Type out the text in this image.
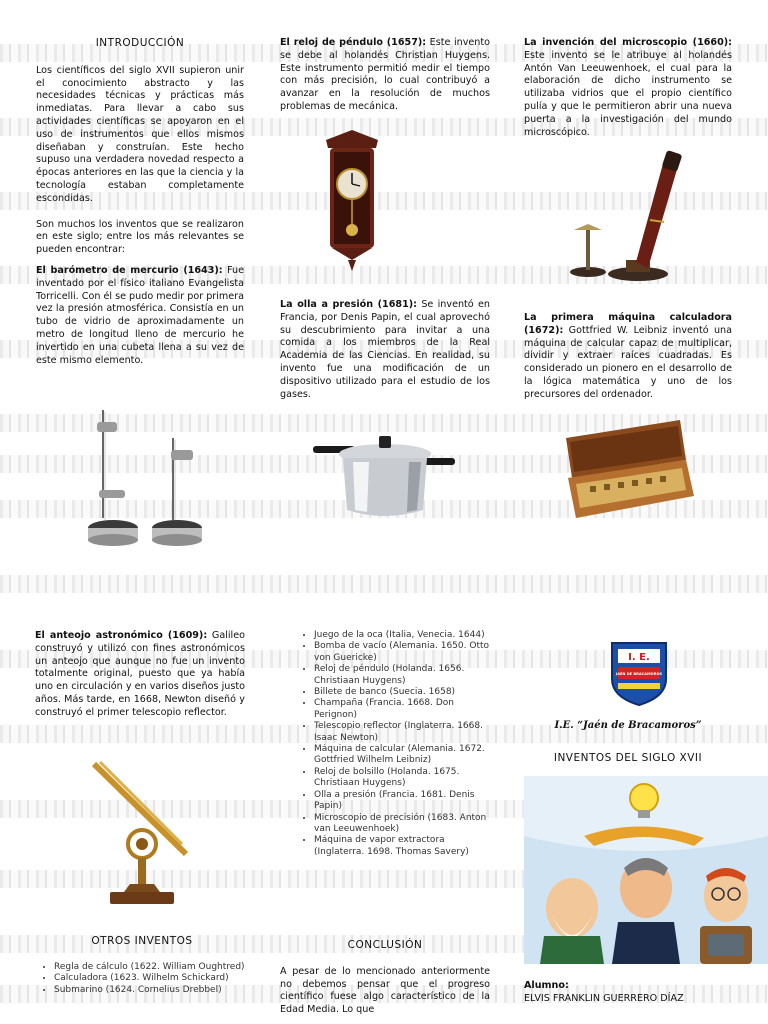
INTRODUCCIÓN

Los científicos del siglo XVII supieron unir el conocimiento abstracto y las necesidades técnicas y prácticas más inmediatas. Para llevar a cabo sus actividades científicas se apoyaron en el uso de instrumentos que ellos mismos diseñaban y construían. Este hecho supuso una verdadera novedad respecto a épocas anteriores en las que la ciencia y la tecnología estaban completamente escondidas.

Son muchos los inventos que se realizaron en este siglo; entre los más relevantes se pueden encontrar:

El barómetro de mercurio (1643): Fue inventado por el físico italiano Evangelista Torricelli. Con él se pudo medir por primera vez la presión atmosférica. Consistía en un tubo de vidrio de aproximadamente un metro de longitud lleno de mercurio he invertido en una cubeta llena a su vez de este mismo elemento.

El reloj de péndulo (1657): Este invento se debe al holandés Christian Huygens. Este instrumento permitió medir el tiempo con más precisión, lo cual contribuyó a avanzar en la resolución de muchos problemas de mecánica.

La olla a presión (1681): Se inventó en Francia, por Denis Papin, el cual aprovechó su descubrimiento para invitar a una comida a los miembros de la Real Academia de las Ciencias. En realidad, su invento fue una modificación de un dispositivo utilizado para el estudio de los gases.

La invención del microscopio (1660): Este invento se le atribuye al holandés Antón Van Leeuwenhoek, el cual para la elaboración de dicho instrumento se utilizaba vidrios que el propio científico pulía y que le permitieron abrir una nueva puerta a la investigación del mundo microscópico.

La primera máquina calculadora (1672): Gottfried W. Leibniz inventó una máquina de calcular capaz de multiplicar, dividir y extraer raíces cuadradas. Es considerado un pionero en el desarrollo de la lógica matemática y uno de los precursores del ordenador.

El anteojo astronómico (1609): Galileo construyó y utilizó con fines astronómicos un anteojo que aunque no fue un invento totalmente original, puesto que ya había uno en circulación y en varios diseños justo años. Más tarde, en 1668, Newton diseñó y construyó el primer telescopio reflector.

OTROS INVENTOS

• Regla de cálculo (1622. William Oughtred)
• Calculadora (1623. Wilhelm Schickard)
• Submarino (1624. Cornelius Drebbel)
• Juego de la oca (Italia, Venecia. 1644)
• Bomba de vacío (Alemania. 1650. Otto von Guericke)
• Reloj de péndulo (Holanda. 1656. Christiaan Huygens)
• Billete de banco (Suecia. 1658)
• Champaña (Francia. 1668. Don Perignon)
• Telescopio reflector (Inglaterra. 1668. Isaac Newton)
• Máquina de calcular (Alemania. 1672. Gottfried Wilhelm Leibniz)
• Reloj de bolsillo (Holanda. 1675. Christiaan Huygens)
• Olla a presión (Francia. 1681. Denis Papin)
• Microscopio de precisión (1683. Anton van Leeuwenhoek)
• Máquina de vapor extractora (Inglaterra. 1698. Thomas Savery)

CONCLUSIÓN

A pesar de lo mencionado anteriormente no debemos pensar que el progreso científico fuese algo característico de la Edad Media. Lo que

I. E.
JAÉN DE BRACAMOROS

I.E. “Jaén de Bracamoros”

INVENTOS DEL SIGLO XVII

Alumno:

ELVIS FRANKLIN GUERRERO DÍAZ
